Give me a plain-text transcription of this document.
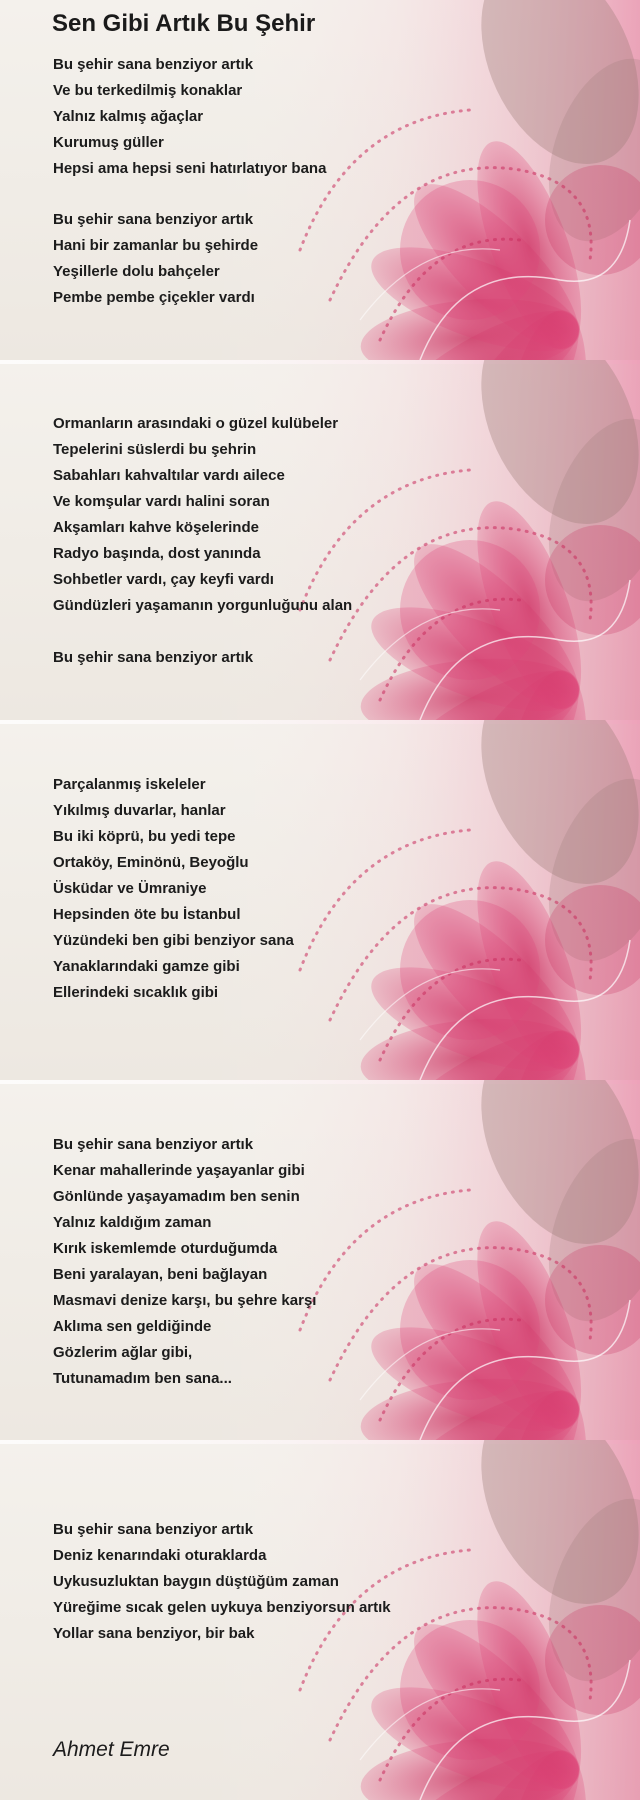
Sen Gibi Artık Bu Şehir
Bu şehir sana benziyor artık
Ve bu terkedilmiş konaklar
Yalnız kalmış ağaçlar
Kurumuş güller
Hepsi ama hepsi seni hatırlatıyor bana
Bu şehir sana benziyor artık
Hani bir zamanlar bu şehirde
Yeşillerle dolu bahçeler
Pembe pembe çiçekler vardı
Ormanların arasındaki o güzel kulübeler
Tepelerini süslerdi bu şehrin
Sabahları kahvaltılar vardı ailece
Ve komşular vardı halini soran
Akşamları kahve köşelerinde
Radyo başında, dost yanında
Sohbetler vardı, çay keyfi vardı
Gündüzleri yaşamanın yorgunluğunu alan
Bu şehir sana benziyor artık
Parçalanmış iskeleler
Yıkılmış duvarlar, hanlar
Bu iki köprü, bu yedi tepe
Ortaköy, Eminönü, Beyoğlu
Üsküdar ve Ümraniye
Hepsinden öte bu İstanbul
Yüzündeki ben gibi benziyor sana
Yanaklarındaki gamze gibi
Ellerindeki sıcaklık gibi
Bu şehir sana benziyor artık
Kenar mahallerinde yaşayanlar gibi
Gönlünde yaşayamadım ben senin
Yalnız kaldığım zaman
Kırık iskemlemde oturduğumda
Beni yaralayan, beni bağlayan
Masmavi denize karşı, bu şehre karşı
Aklıma sen geldiğinde
Gözlerim ağlar gibi,
Tutunamadım ben sana...
Bu şehir sana benziyor artık
Deniz kenarındaki oturaklarda
Uykusuzluktan baygın düştüğüm zaman
Yüreğime sıcak gelen uykuya benziyorsun artık
Yollar sana benziyor, bir bak
Ahmet Emre
